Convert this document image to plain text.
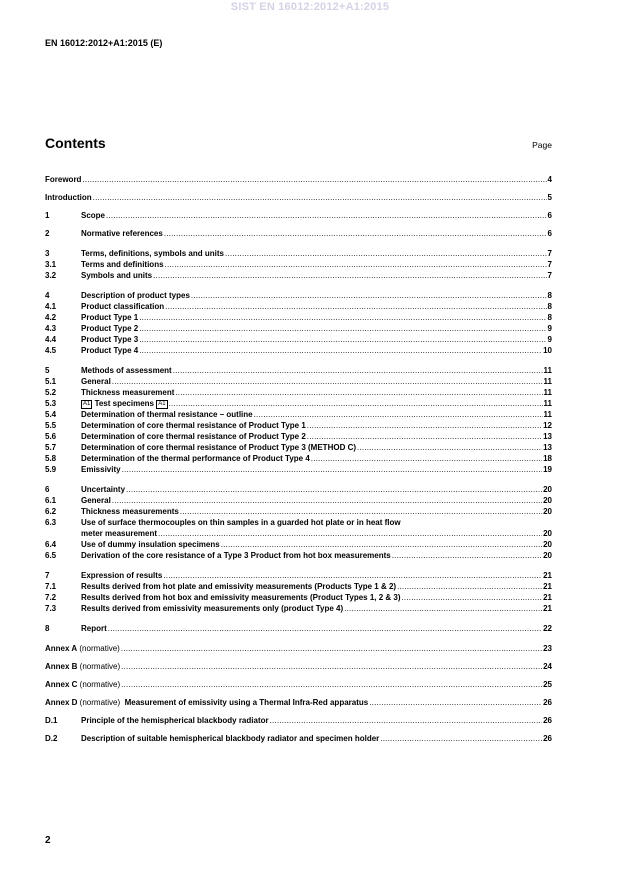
SIST EN 16012:2012+A1:2015
EN 16012:2012+A1:2015 (E)
Contents	Page
Foreword .....	4
Introduction .....	5
1	Scope .....	6
2	Normative references .....	6
3	Terms, definitions, symbols and units .....	7
3.1	Terms and definitions .....	7
3.2	Symbols and units .....	7
4	Description of product types .....	8
4.1	Product classification .....	8
4.2	Product Type 1 .....	8
4.3	Product Type 2 .....	9
4.4	Product Type 3 .....	9
4.5	Product Type 4 .....	10
5	Methods of assessment .....	11
5.1	General .....	11
5.2	Thickness measurement .....	11
5.3	A1 Test specimens A1 .....	11
5.4	Determination of thermal resistance – outline .....	11
5.5	Determination of core thermal resistance of Product Type 1 .....	12
5.6	Determination of core thermal resistance of Product Type 2 .....	13
5.7	Determination of core thermal resistance of Product Type 3 (METHOD C) .....	13
5.8	Determination of the thermal performance of Product Type 4 .....	18
5.9	Emissivity .....	19
6	Uncertainty .....	20
6.1	General .....	20
6.2	Thickness measurements .....	20
6.3	Use of surface thermocouples on thin samples in a guarded hot plate or in heat flow
meter measurement .....	20
6.4	Use of dummy insulation specimens .....	20
6.5	Derivation of the core resistance of a Type 3 Product from hot box measurements .....	20
7	Expression of results .....	21
7.1	Results derived from hot plate and emissivity measurements (Products Type 1 & 2) .....	21
7.2	Results derived from hot box and emissivity measurements (Product Types 1, 2 & 3) .....	21
7.3	Results derived from emissivity measurements only (product Type 4) .....	21
8	Report .....	22
Annex A (normative) .....	23
Annex B (normative) .....	24
Annex C (normative) .....	25
Annex D (normative) Measurement of emissivity using a Thermal Infra-Red apparatus .....	26
D.1	Principle of the hemispherical blackbody radiator .....	26
D.2	Description of suitable hemispherical blackbody radiator and specimen holder .....	26
2
